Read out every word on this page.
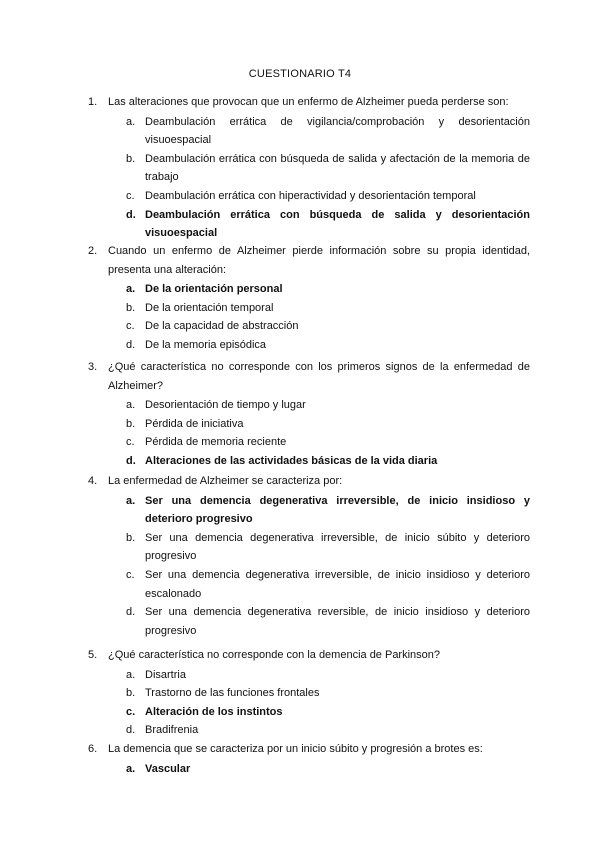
CUESTIONARIO T4
1. Las alteraciones que provocan que un enfermo de Alzheimer pueda perderse son:
a. Deambulación errática de vigilancia/comprobación y desorientación visuoespacial
b. Deambulación errática con búsqueda de salida y afectación de la memoria de trabajo
c. Deambulación errática con hiperactividad y desorientación temporal
d. Deambulación errática con búsqueda de salida y desorientación visuoespacial
2. Cuando un enfermo de Alzheimer pierde información sobre su propia identidad, presenta una alteración:
a. De la orientación personal
b. De la orientación temporal
c. De la capacidad de abstracción
d. De la memoria episódica
3. ¿Qué característica no corresponde con los primeros signos de la enfermedad de Alzheimer?
a. Desorientación de tiempo y lugar
b. Pérdida de iniciativa
c. Pérdida de memoria reciente
d. Alteraciones de las actividades básicas de la vida diaria
4. La enfermedad de Alzheimer se caracteriza por:
a. Ser una demencia degenerativa irreversible, de inicio insidioso y deterioro progresivo
b. Ser una demencia degenerativa irreversible, de inicio súbito y deterioro progresivo
c. Ser una demencia degenerativa irreversible, de inicio insidioso y deterioro escalonado
d. Ser una demencia degenerativa reversible, de inicio insidioso y deterioro progresivo
5. ¿Qué característica no corresponde con la demencia de Parkinson?
a. Disartria
b. Trastorno de las funciones frontales
c. Alteración de los instintos
d. Bradifrenia
6. La demencia que se caracteriza por un inicio súbito y progresión a brotes es:
a. Vascular
